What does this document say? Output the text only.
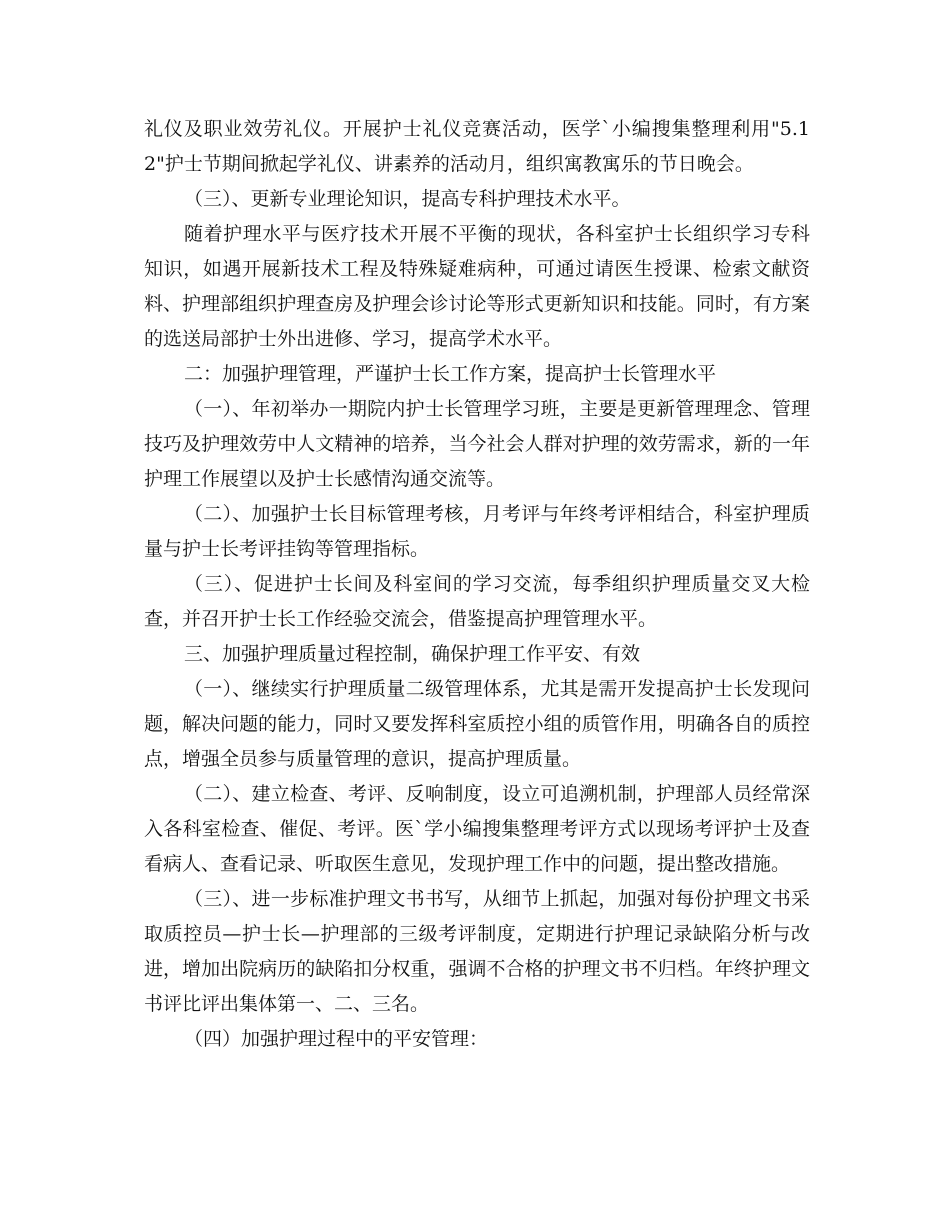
礼仪及职业效劳礼仪。开展护士礼仪竞赛活动，医学`小编搜集整理利用"5.12"护士节期间掀起学礼仪、讲素养的活动月，组织寓教寓乐的节日晚会。

（三）、更新专业理论知识，提高专科护理技术水平。

随着护理水平与医疗技术开展不平衡的现状，各科室护士长组织学习专科知识，如遇开展新技术工程及特殊疑难病种，可通过请医生授课、检索文献资料、护理部组织护理查房及护理会诊讨论等形式更新知识和技能。同时，有方案的选送局部护士外出进修、学习，提高学术水平。

二：加强护理管理，严谨护士长工作方案，提高护士长管理水平

（一）、年初举办一期院内护士长管理学习班，主要是更新管理理念、管理技巧及护理效劳中人文精神的培养，当今社会人群对护理的效劳需求，新的一年护理工作展望以及护士长感情沟通交流等。

（二）、加强护士长目标管理考核，月考评与年终考评相结合，科室护理质量与护士长考评挂钩等管理指标。

（三）、促进护士长间及科室间的学习交流，每季组织护理质量交叉大检查，并召开护士长工作经验交流会，借鉴提高护理管理水平。

三、加强护理质量过程控制，确保护理工作平安、有效

（一）、继续实行护理质量二级管理体系，尤其是需开发提高护士长发现问题，解决问题的能力，同时又要发挥科室质控小组的质管作用，明确各自的质控点，增强全员参与质量管理的意识，提高护理质量。

（二）、建立检查、考评、反响制度，设立可追溯机制，护理部人员经常深入各科室检查、催促、考评。医`学小编搜集整理考评方式以现场考评护士及查看病人、查看记录、听取医生意见，发现护理工作中的问题，提出整改措施。

（三）、进一步标准护理文书书写，从细节上抓起，加强对每份护理文书采取质控员—护士长—护理部的三级考评制度，定期进行护理记录缺陷分析与改进，增加出院病历的缺陷扣分权重，强调不合格的护理文书不归档。年终护理文书评比评出集体第一、二、三名。

（四）加强护理过程中的平安管理：
